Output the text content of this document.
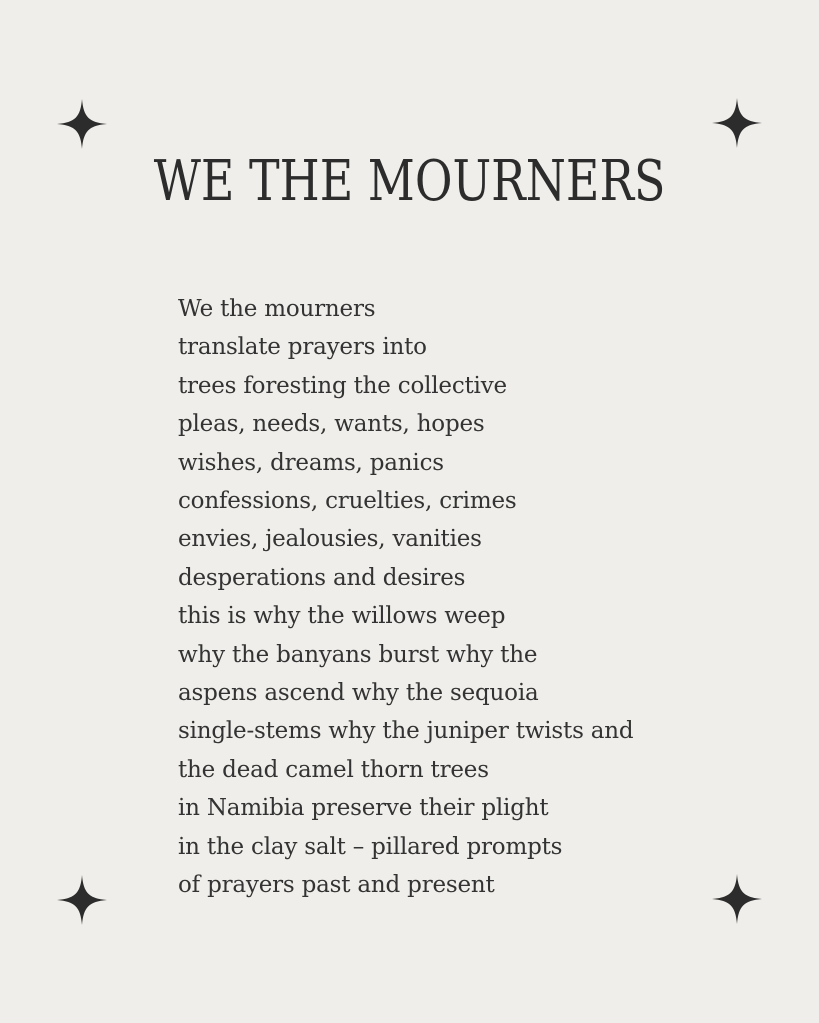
WE THE MOURNERS
We the mourners
translate prayers into
trees foresting the collective
pleas, needs, wants, hopes
wishes, dreams, panics
confessions, cruelties, crimes
envies, jealousies, vanities
desperations and desires
this is why the willows weep
why the banyans burst why the
aspens ascend why the sequoia
single-stems why the juniper twists and
the dead camel thorn trees
in Namibia preserve their plight
in the clay salt – pillared prompts
of prayers past and present
